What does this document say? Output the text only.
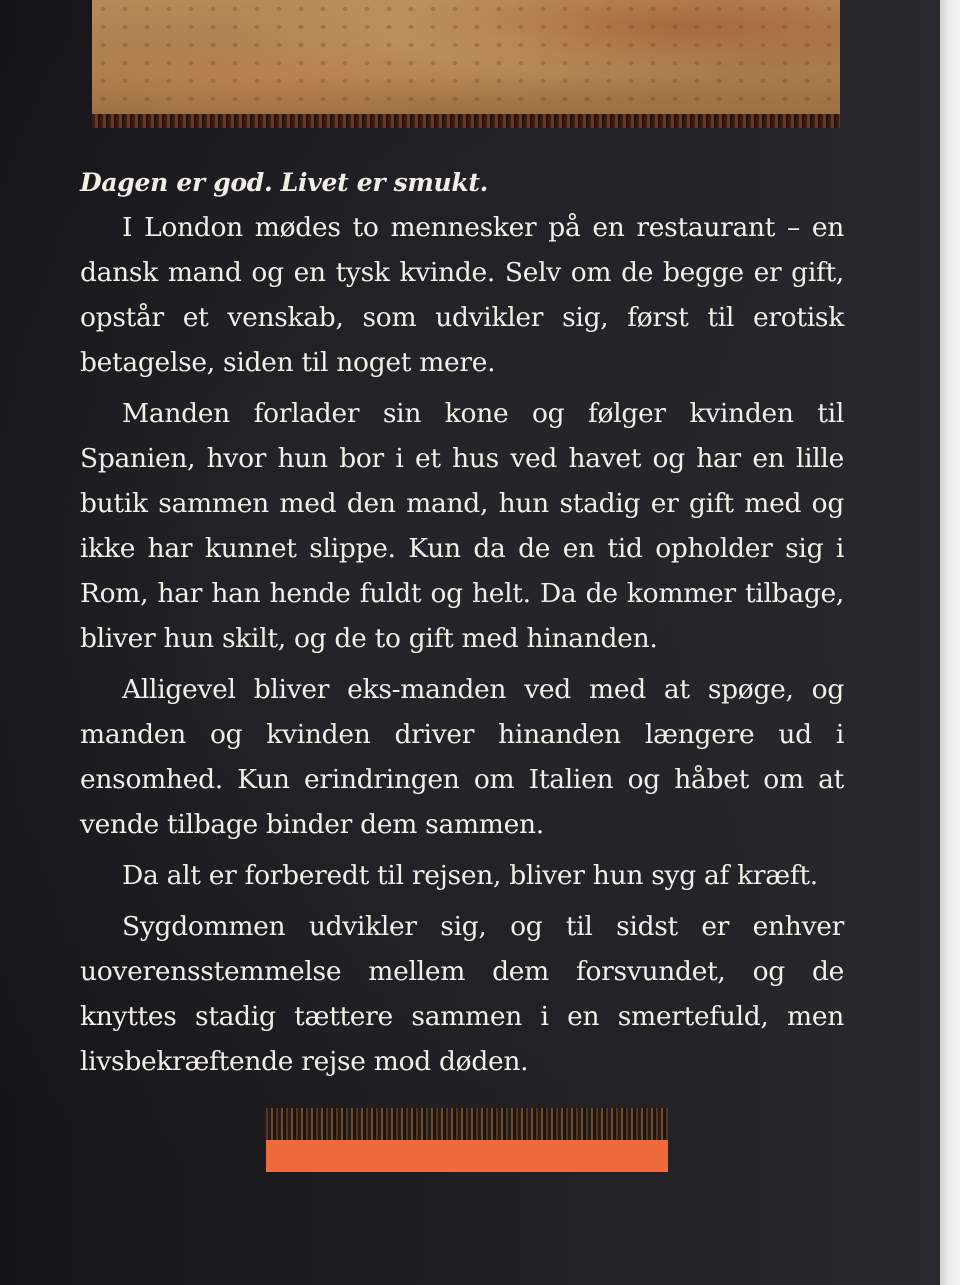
Dagen er god. Livet er smukt.

I London mødes to mennesker på en restaurant – en dansk mand og en tysk kvinde. Selv om de begge er gift, opstår et venskab, som udvikler sig, først til erotisk betagelse, siden til noget mere.

Manden forlader sin kone og følger kvinden til Spanien, hvor hun bor i et hus ved havet og har en lille butik sammen med den mand, hun stadig er gift med og ikke har kunnet slippe. Kun da de en tid opholder sig i Rom, har han hende fuldt og helt. Da de kommer tilbage, bliver hun skilt, og de to gift med hinanden.

Alligevel bliver eks-manden ved med at spøge, og manden og kvinden driver hinanden længere ud i ensomhed. Kun erindringen om Italien og håbet om at vende tilbage binder dem sammen.

Da alt er forberedt til rejsen, bliver hun syg af kræft.

Sygdommen udvikler sig, og til sidst er enhver uoverensstemmelse mellem dem forsvundet, og de knyttes stadig tættere sammen i en smertefuld, men livsbekræftende rejse mod døden.
